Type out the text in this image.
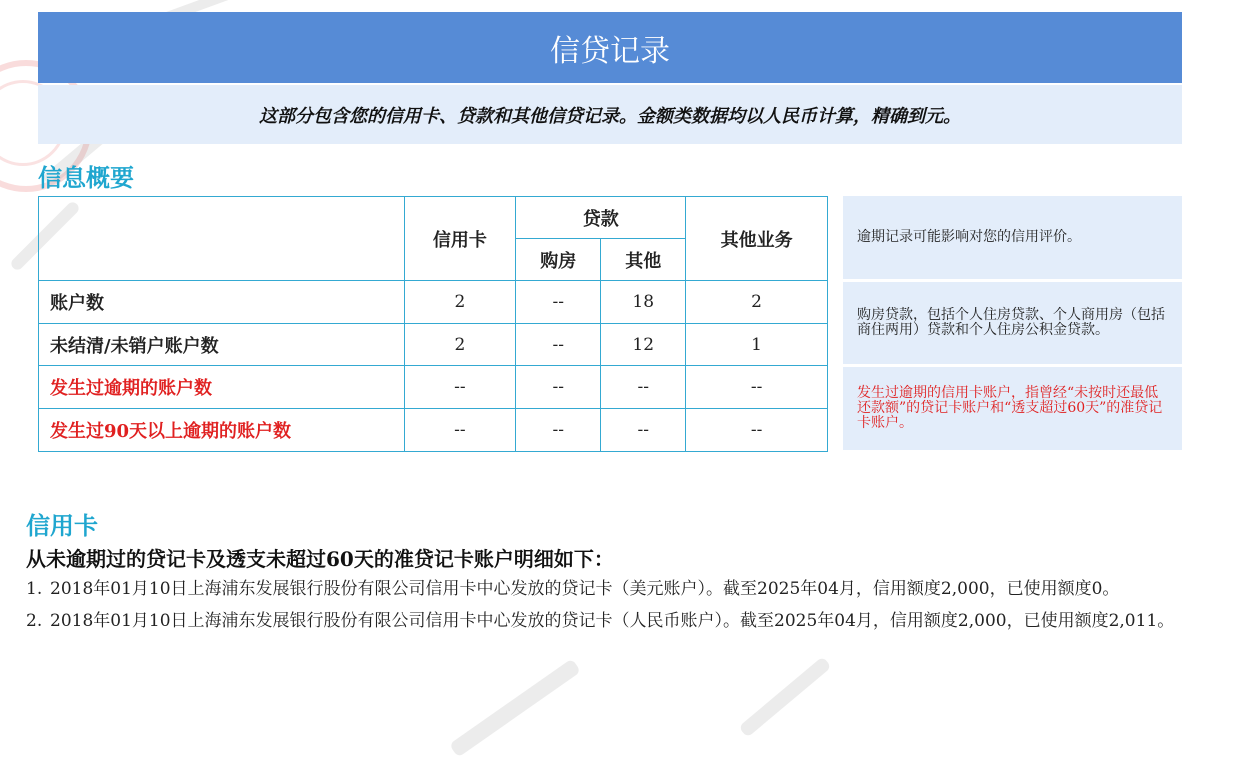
信贷记录
这部分包含您的信用卡、贷款和其他信贷记录。金额类数据均以人民币计算，精确到元。
信息概要
	信用卡	贷款		其他业务
		购房	其他	
账户数	2	--	18	2
未结清/未销户账户数	2	--	12	1
发生过逾期的账户数	--	--	--	--
发生过90天以上逾期的账户数	--	--	--	--
逾期记录可能影响对您的信用评价。
购房贷款，包括个人住房贷款、个人商用房（包括商住两用）贷款和个人住房公积金贷款。
发生过逾期的信用卡账户，指曾经“未按时还最低还款额”的贷记卡账户和“透支超过60天”的准贷记卡账户。
信用卡
从未逾期过的贷记卡及透支未超过60天的准贷记卡账户明细如下：
1. 2018年01月10日上海浦东发展银行股份有限公司信用卡中心发放的贷记卡（美元账户）。截至2025年04月，信用额度2,000，已使用额度0。
2. 2018年01月10日上海浦东发展银行股份有限公司信用卡中心发放的贷记卡（人民币账户）。截至2025年04月，信用额度2,000，已使用额度2,011。
